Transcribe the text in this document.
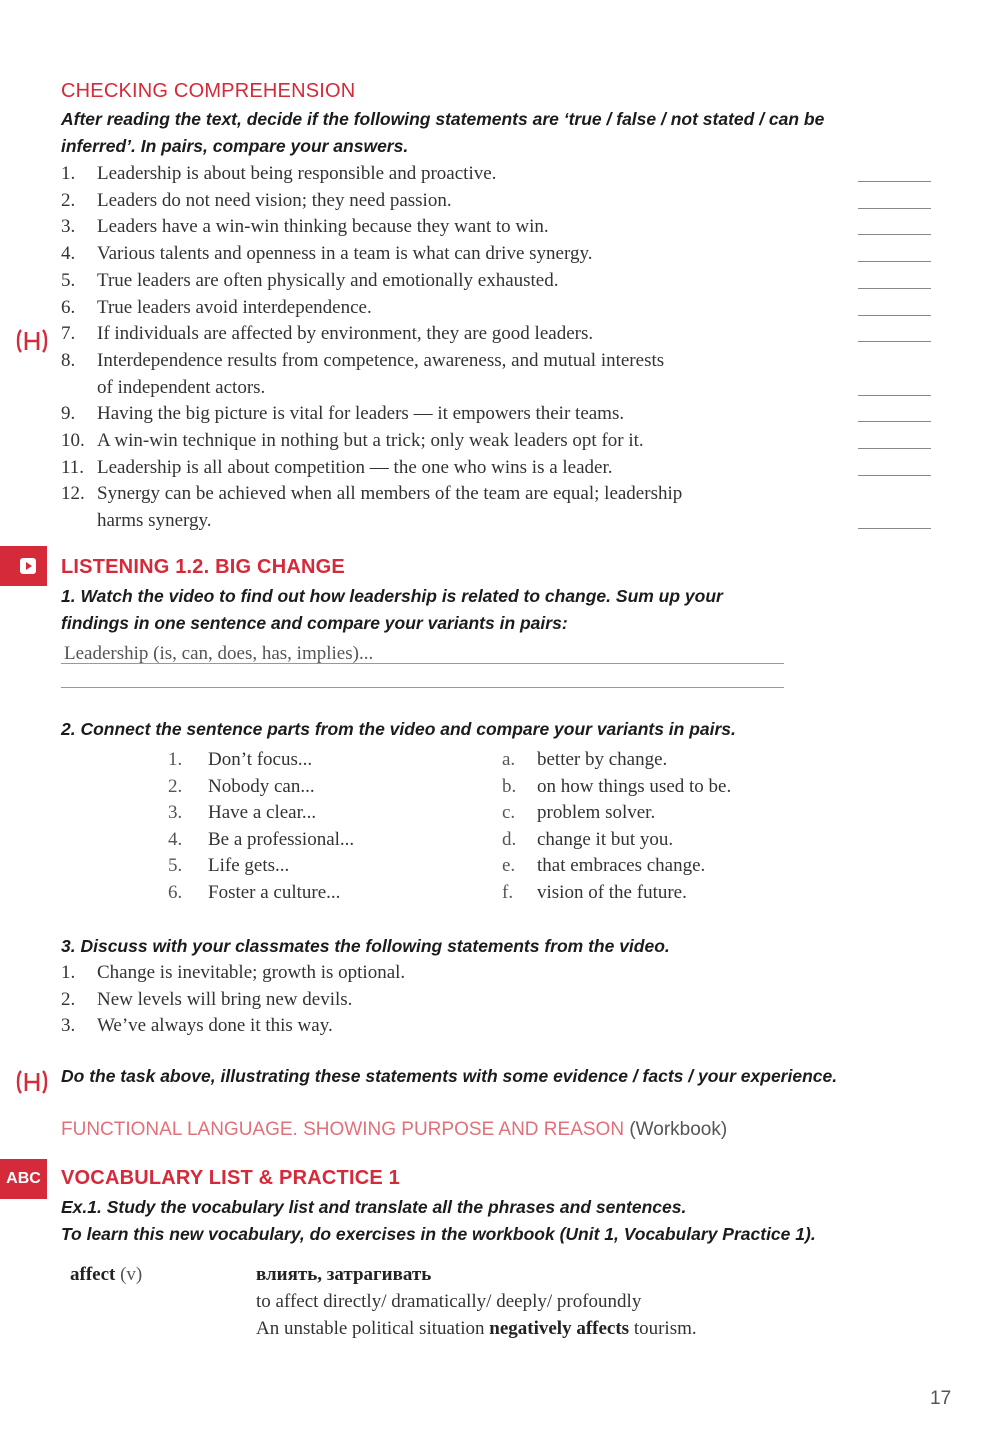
CHECKING COMPREHENSION
After reading the text, decide if the following statements are ‘true / false / not stated / can be
inferred’. In pairs, compare your answers.
1. Leadership is about being responsible and proactive.
2. Leaders do not need vision; they need passion.
3. Leaders have a win-win thinking because they want to win.
4. Various talents and openness in a team is what can drive synergy.
5. True leaders are often physically and emotionally exhausted.
6. True leaders avoid interdependence.
7. If individuals are affected by environment, they are good leaders.
8. Interdependence results from competence, awareness, and mutual interests
of independent actors.
9. Having the big picture is vital for leaders — it empowers their teams.
10. A win-win technique in nothing but a trick; only weak leaders opt for it.
11. Leadership is all about competition — the one who wins is a leader.
12. Synergy can be achieved when all members of the team are equal; leadership
harms synergy.
LISTENING 1.2. BIG CHANGE
1. Watch the video to find out how leadership is related to change. Sum up your
findings in one sentence and compare your variants in pairs:
Leadership (is, can, does, has, implies)...
2. Connect the sentence parts from the video and compare your variants in pairs.
1. Don’t focus...
2. Nobody can...
3. Have a clear...
4. Be a professional...
5. Life gets...
6. Foster a culture...
a. better by change.
b. on how things used to be.
c. problem solver.
d. change it but you.
e. that embraces change.
f. vision of the future.
3. Discuss with your classmates the following statements from the video.
1. Change is inevitable; growth is optional.
2. New levels will bring new devils.
3. We’ve always done it this way.
Do the task above, illustrating these statements with some evidence / facts / your experience.
FUNCTIONAL LANGUAGE. SHOWING PURPOSE AND REASON (Workbook)
ABC	VOCABULARY LIST & PRACTICE 1
Ex.1. Study the vocabulary list and translate all the phrases and sentences.
To learn this new vocabulary, do exercises in the workbook (Unit 1, Vocabulary Practice 1).
affect (v)	влиять, затрагивать
to affect directly/ dramatically/ deeply/ profoundly
An unstable political situation negatively affects tourism.
17
